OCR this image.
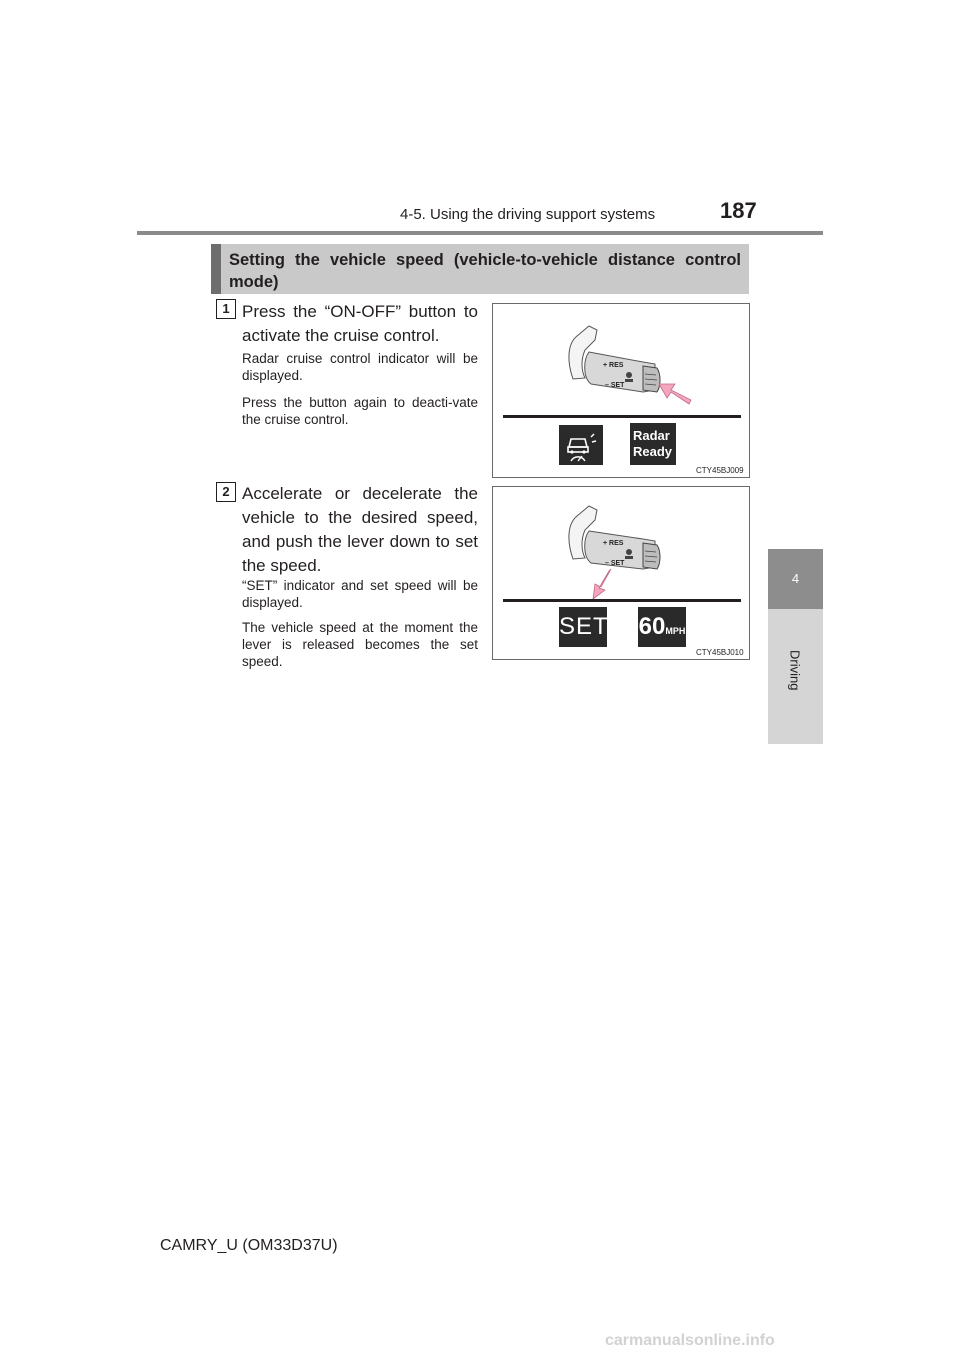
4-5. Using the driving support systems	187
4
Driving
Setting the vehicle speed (vehicle-to-vehicle distance control mode)
1 Press the “ON-OFF” button to activate the cruise control.
Radar cruise control indicator will be displayed.
Press the button again to deacti-vate the cruise control.
+ RES
– SET
Radar Ready
CTY45BJ009
2 Accelerate or decelerate the vehicle to the desired speed, and push the lever down to set the speed.
“SET” indicator and set speed will be displayed.
The vehicle speed at the moment the lever is released becomes the set speed.
+ RES
– SET
SET 60MPH
CTY45BJ010
CAMRY_U (OM33D37U)
carmanualsonline.info
